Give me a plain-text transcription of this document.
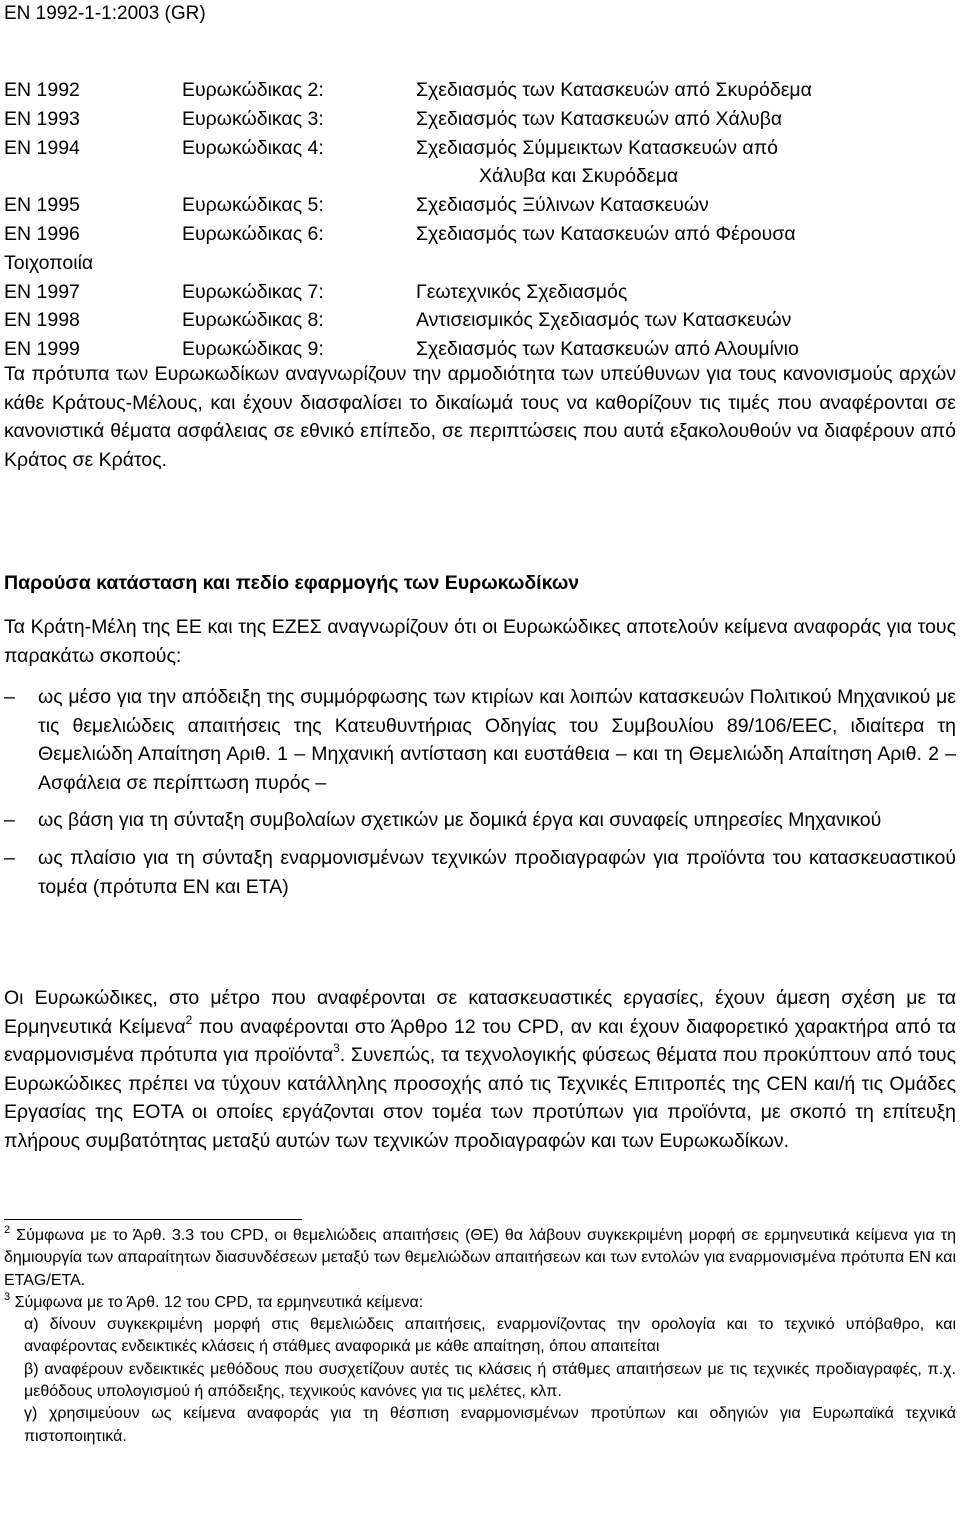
EN 1992-1-1:2003 (GR)
EN 1992	Ευρωκώδικας 2:	Σχεδιασμός των Κατασκευών από Σκυρόδεμα
EN 1993	Ευρωκώδικας 3:	Σχεδιασμός των Κατασκευών από Χάλυβα
EN 1994	Ευρωκώδικας 4:	Σχεδιασμός Σύμμεικτων Κατασκευών από
Χάλυβα και Σκυρόδεμα
EN 1995	Ευρωκώδικας 5:	Σχεδιασμός Ξύλινων Κατασκευών
EN 1996	Ευρωκώδικας 6:	Σχεδιασμός των Κατασκευών από Φέρουσα
Τοιχοποιία
EN 1997	Ευρωκώδικας 7:	Γεωτεχνικός Σχεδιασμός
EN 1998	Ευρωκώδικας 8:	Αντισεισμικός Σχεδιασμός των Κατασκευών
EN 1999	Ευρωκώδικας 9:	Σχεδιασμός των Κατασκευών από Αλουμίνιο

Τα πρότυπα των Ευρωκωδίκων αναγνωρίζουν την αρμοδιότητα των υπεύθυνων για τους κανονισμούς αρχών κάθε Κράτους-Μέλους, και έχουν διασφαλίσει το δικαίωμά τους να καθορίζουν τις τιμές που αναφέρονται σε κανονιστικά θέματα ασφάλειας σε εθνικό επίπεδο, σε περιπτώσεις που αυτά εξακολουθούν να διαφέρουν από Κράτος σε Κράτος.

Παρούσα κατάσταση και πεδίο εφαρμογής των Ευρωκωδίκων

Τα Κράτη-Μέλη της ΕΕ και της ΕΖΕΣ αναγνωρίζουν ότι οι Ευρωκώδικες αποτελούν κείμενα αναφοράς για τους παρακάτω σκοπούς:

– ως μέσο για την απόδειξη της συμμόρφωσης των κτιρίων και λοιπών κατασκευών Πολιτικού Μηχανικού με τις θεμελιώδεις απαιτήσεις της Κατευθυντήριας Οδηγίας του Συμβουλίου 89/106/EEC, ιδιαίτερα τη Θεμελιώδη Απαίτηση Αριθ. 1 – Μηχανική αντίσταση και ευστάθεια – και τη Θεμελιώδη Απαίτηση Αριθ. 2 – Ασφάλεια σε περίπτωση πυρός –
– ως βάση για τη σύνταξη συμβολαίων σχετικών με δομικά έργα και συναφείς υπηρεσίες Μηχανικού
– ως πλαίσιο για τη σύνταξη εναρμονισμένων τεχνικών προδιαγραφών για προϊόντα του κατασκευαστικού τομέα (πρότυπα ΕΝ και ΕΤΑ)

Οι Ευρωκώδικες, στο μέτρο που αναφέρονται σε κατασκευαστικές εργασίες, έχουν άμεση σχέση με τα Ερμηνευτικά Κείμενα$^2$ που αναφέρονται στο Άρθρο 12 του CPD, αν και έχουν διαφορετικό χαρακτήρα από τα εναρμονισμένα πρότυπα για προϊόντα$^3$. Συνεπώς, τα τεχνολογικής φύσεως θέματα που προκύπτουν από τους Ευρωκώδικες πρέπει να τύχουν κατάλληλης προσοχής από τις Τεχνικές Επιτροπές της CEN και/ή τις Ομάδες Εργασίας της ΕΟΤΑ οι οποίες εργάζονται στον τομέα των προτύπων για προϊόντα, με σκοπό τη επίτευξη πλήρους συμβατότητας μεταξύ αυτών των τεχνικών προδιαγραφών και των Ευρωκωδίκων.

$^2$ Σύμφωνα με το Άρθ. 3.3 του CPD, οι θεμελιώδεις απαιτήσεις (ΘΕ) θα λάβουν συγκεκριμένη μορφή σε ερμηνευτικά κείμενα για τη δημιουργία των απαραίτητων διασυνδέσεων μεταξύ των θεμελιώδων απαιτήσεων και των εντολών για εναρμονισμένα πρότυπα ΕΝ και ETAG/ETA.

$^3$ Σύμφωνα με το Άρθ. 12 του CPD, τα ερμηνευτικά κείμενα:

α) δίνουν συγκεκριμένη μορφή στις θεμελιώδεις απαιτήσεις, εναρμονίζοντας την ορολογία και το τεχνικό υπόβαθρο, και αναφέροντας ενδεικτικές κλάσεις ή στάθμες αναφορικά με κάθε απαίτηση, όπου απαιτείται

β) αναφέρουν ενδεικτικές μεθόδους που συσχετίζουν αυτές τις κλάσεις ή στάθμες απαιτήσεων με τις τεχνικές προδιαγραφές, π.χ. μεθόδους υπολογισμού ή απόδειξης, τεχνικούς κανόνες για τις μελέτες, κλπ.

γ) χρησιμεύουν ως κείμενα αναφοράς για τη θέσπιση εναρμονισμένων προτύπων και οδηγιών για Ευρωπαϊκά τεχνικά πιστοποιητικά.
